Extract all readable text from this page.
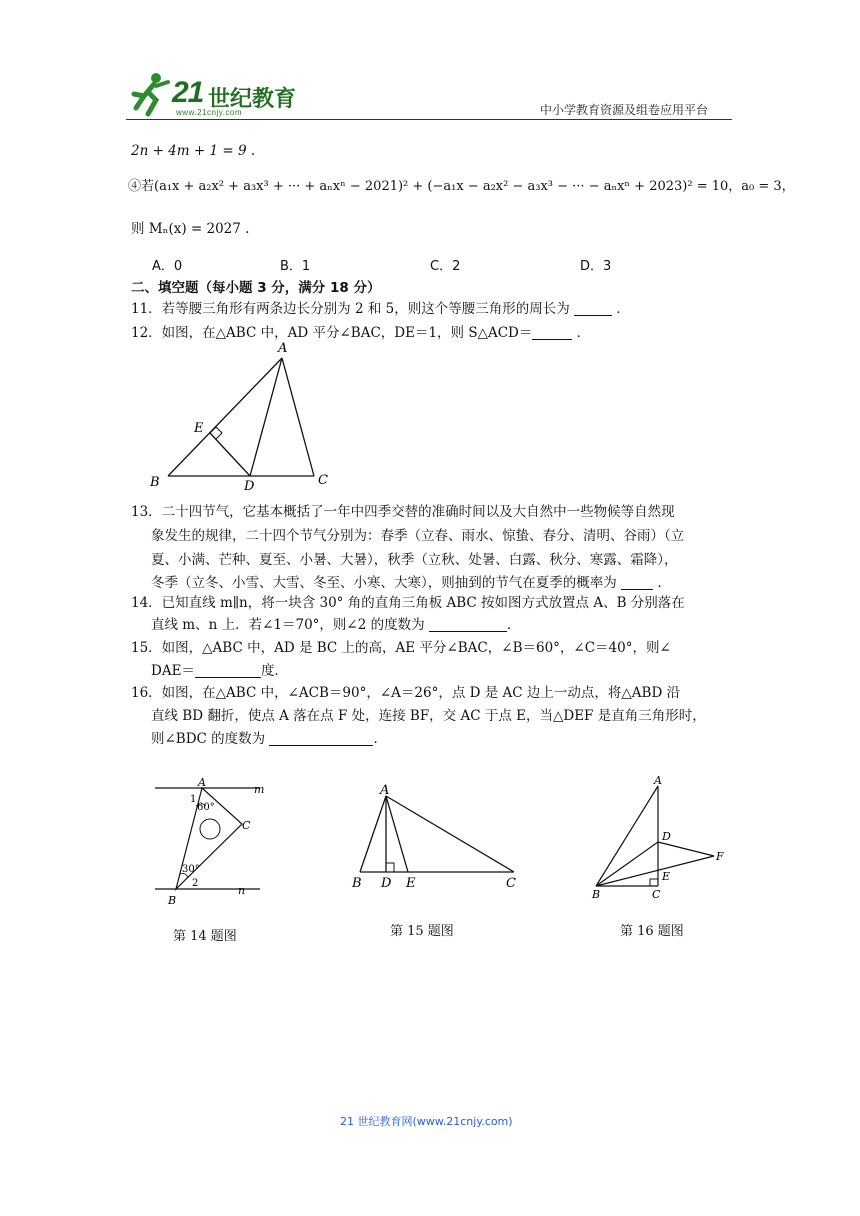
21 世纪教育
www.21cnjy.com	中小学教育资源及组卷应用平台
2n + 4m + 1 = 9 .
④若(a₁x + a₂x² + a₃x³ + ··· + aₙxⁿ − 2021)² + (−a₁x − a₂x² − a₃x³ − ··· − aₙxⁿ + 2023)² = 10，a₀ = 3，
则 Mₙ(x) = 2027 .
A．0	B．1	C．2	D．3
二、填空题（每小题 3 分，满分 18 分）
11．若等腰三角形有两条边长分别为 2 和 5，则这个等腰三角形的周长为	．
12．如图，在△ABC 中，AD 平分∠BAC，DE＝1，则 S△ACD＝	．
A
B	C
D
E
13．二十四节气，它基本概括了一年中四季交替的准确时间以及大自然中一些物候等自然现
象发生的规律，二十四个节气分别为：春季（立春、雨水、惊蛰、春分、清明、谷雨）（立
夏、小满、芒种、夏至、小暑、大暑），秋季（立秋、处暑、白露、秋分、寒露、霜降），
冬季（立冬、小雪、大雪、冬至、小寒、大寒），则抽到的节气在夏季的概率为	．
14．已知直线 m∥n，将一块含 30° 角的直角三角板 ABC 按如图方式放置点 A、B 分别落在
直线 m、n 上．若∠1＝70°，则∠2 的度数为	．
15．如图，△ABC 中，AD 是 BC 上的高，AE 平分∠BAC，∠B＝60°，∠C＝40°，则∠
DAE＝	度．
16．如图，在△ABC 中，∠ACB＝90°，∠A＝26°，点 D 是 AC 边上一动点，将△ABD 沿
直线 BD 翻折，使点 A 落在点 F 处，连接 BF，交 AC 于点 E，当△DEF 是直角三角形时，
则∠BDC 的度数为	．
A
m
1
60°
C
30°
2
n
B
第 14 题图
A
B D E	C
第 15 题图
A
D
F
E
B	C
第 16 题图
21 世纪教育网(www.21cnjy.com)
